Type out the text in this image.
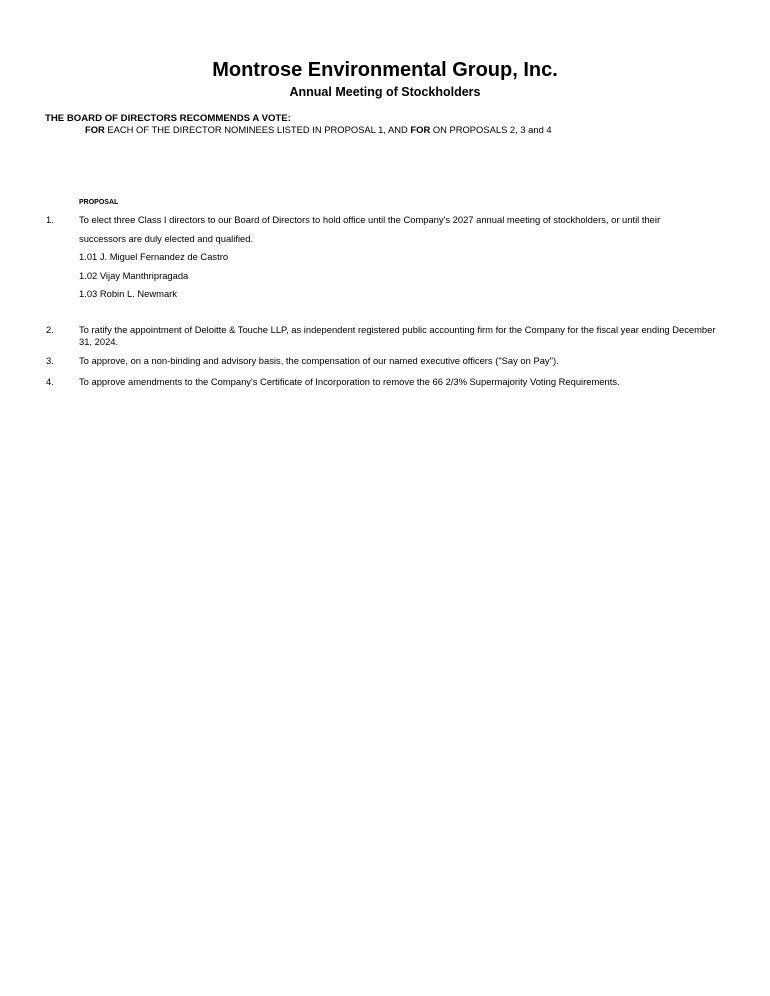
Montrose Environmental Group, Inc.
Annual Meeting of Stockholders
THE BOARD OF DIRECTORS RECOMMENDS A VOTE:
FOR EACH OF THE DIRECTOR NOMINEES LISTED IN PROPOSAL 1, AND FOR ON PROPOSALS 2, 3 and 4
PROPOSAL
1.	To elect three Class I directors to our Board of Directors to hold office until the Company's 2027 annual meeting of stockholders, or until their
successors are duly elected and qualified.
1.01 J. Miguel Fernandez de Castro
1.02 Vijay Manthripragada
1.03 Robin L. Newmark
2.	To ratify the appointment of Deloitte & Touche LLP, as independent registered public accounting firm for the Company for the fiscal year ending December 31, 2024.
3.	To approve, on a non-binding and advisory basis, the compensation of our named executive officers ("Say on Pay").
4.	To approve amendments to the Company's Certificate of Incorporation to remove the 66 2/3% Supermajority Voting Requirements.
